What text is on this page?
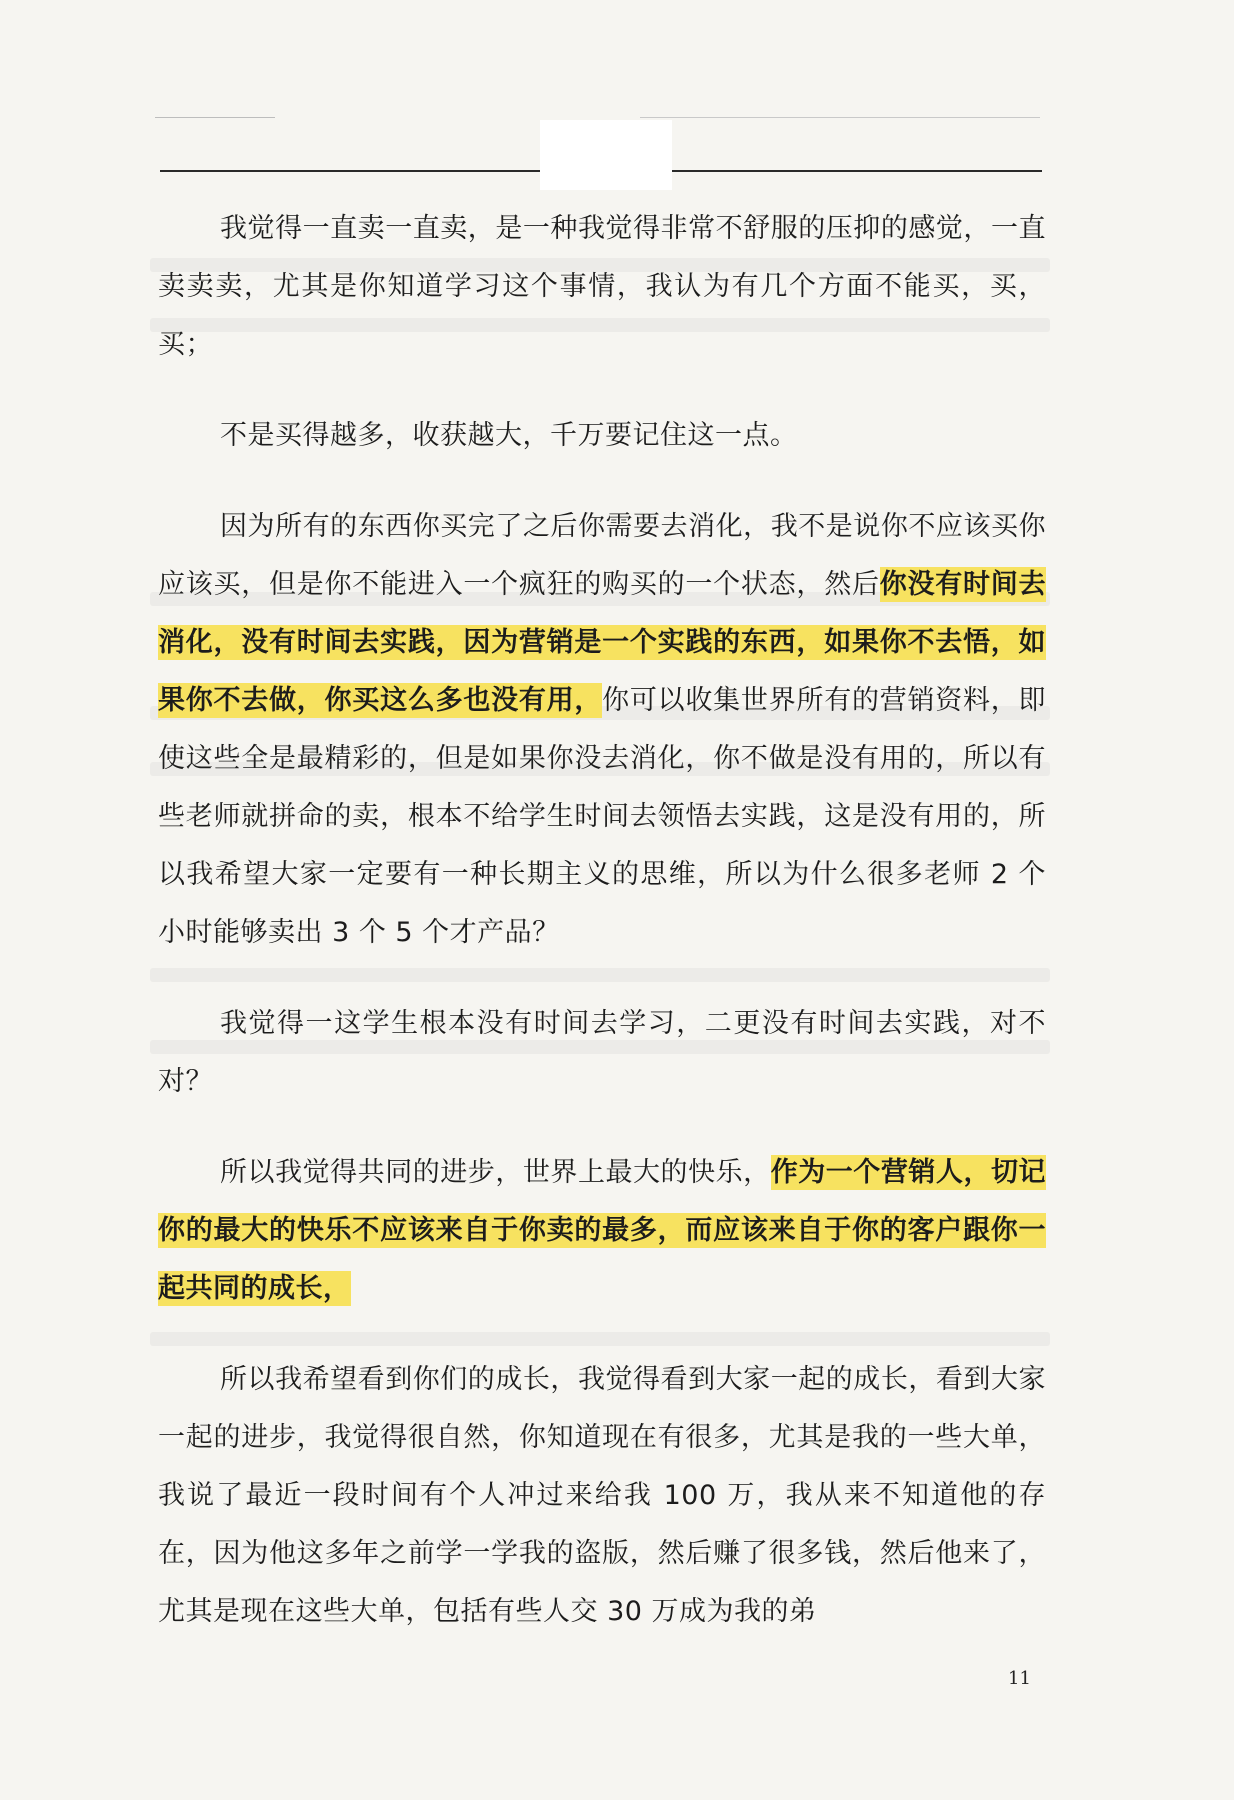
我觉得一直卖一直卖，是一种我觉得非常不舒服的压抑的感觉，一直卖卖卖，尤其是你知道学习这个事情，我认为有几个方面不能买，买，买；

不是买得越多，收获越大，千万要记住这一点。

因为所有的东西你买完了之后你需要去消化，我不是说你不应该买你应该买，但是你不能进入一个疯狂的购买的一个状态，然后你没有时间去消化，没有时间去实践，因为营销是一个实践的东西，如果你不去悟，如果你不去做，你买这么多也没有用，你可以收集世界所有的营销资料，即使这些全是最精彩的，但是如果你没去消化，你不做是没有用的，所以有些老师就拼命的卖，根本不给学生时间去领悟去实践，这是没有用的，所以我希望大家一定要有一种长期主义的思维，所以为什么很多老师 2 个小时能够卖出 3 个 5 个才产品？

我觉得一这学生根本没有时间去学习，二更没有时间去实践，对不对？

所以我觉得共同的进步，世界上最大的快乐，作为一个营销人，切记你的最大的快乐不应该来自于你卖的最多，而应该来自于你的客户跟你一起共同的成长，

所以我希望看到你们的成长，我觉得看到大家一起的成长，看到大家一起的进步，我觉得很自然，你知道现在有很多，尤其是我的一些大单，我说了最近一段时间有个人冲过来给我 100 万，我从来不知道他的存在，因为他这多年之前学一学我的盗版，然后赚了很多钱，然后他来了，尤其是现在这些大单，包括有些人交 30 万成为我的弟

11
